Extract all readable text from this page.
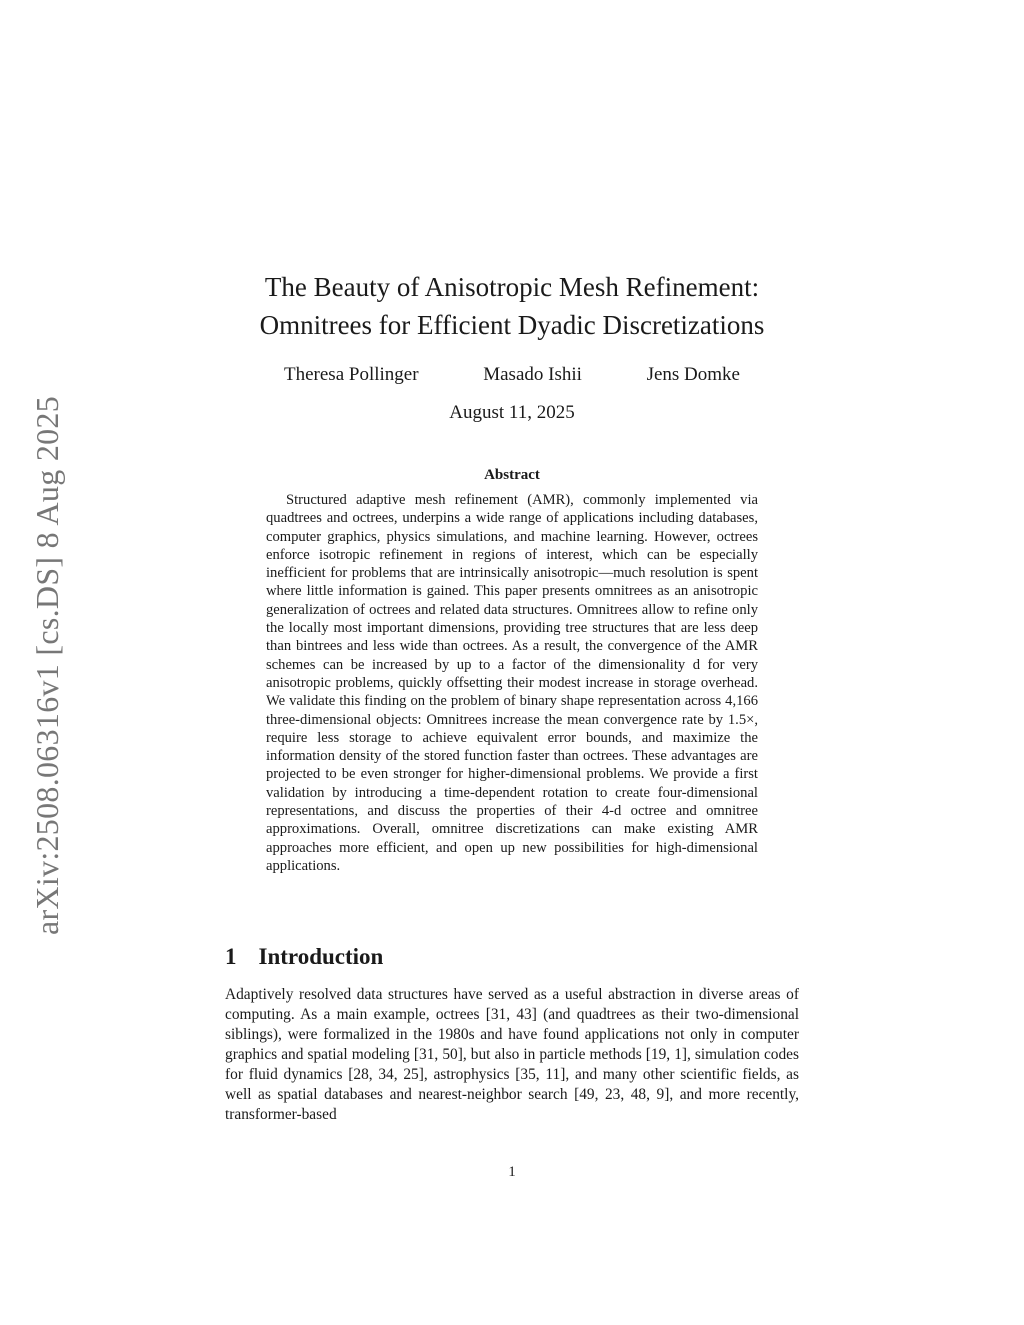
arXiv:2508.06316v1 [cs.DS] 8 Aug 2025
The Beauty of Anisotropic Mesh Refinement:
Omnitrees for Efficient Dyadic Discretizations
Theresa Pollinger	Masado Ishii	Jens Domke
August 11, 2025
Abstract

Structured adaptive mesh refinement (AMR), commonly implemented via quadtrees and octrees, underpins a wide range of applications including databases, computer graphics, physics simulations, and machine learning. However, octrees enforce isotropic refinement in regions of interest, which can be especially inefficient for problems that are intrinsically anisotropic—much resolution is spent where little information is gained. This paper presents omnitrees as an anisotropic generalization of octrees and related data structures. Omnitrees allow to refine only the locally most important dimensions, providing tree structures that are less deep than bintrees and less wide than octrees. As a result, the convergence of the AMR schemes can be increased by up to a factor of the dimensionality d for very anisotropic problems, quickly offsetting their modest increase in storage overhead. We validate this finding on the problem of binary shape representation across 4,166 three-dimensional objects: Omnitrees increase the mean convergence rate by 1.5×, require less storage to achieve equivalent error bounds, and maximize the information density of the stored function faster than octrees. These advantages are projected to be even stronger for higher-dimensional problems. We provide a first validation by introducing a time-dependent rotation to create four-dimensional representations, and discuss the properties of their 4-d octree and omnitree approximations. Overall, omnitree discretizations can make existing AMR approaches more efficient, and open up new possibilities for high-dimensional applications.

1 Introduction

Adaptively resolved data structures have served as a useful abstraction in diverse areas of computing. As a main example, octrees [31, 43] (and quadtrees as their two-dimensional siblings), were formalized in the 1980s and have found applications not only in computer graphics and spatial modeling [31, 50], but also in particle methods [19, 1], simulation codes for fluid dynamics [28, 34, 25], astrophysics [35, 11], and many other scientific fields, as well as spatial databases and nearest-neighbor search [49, 23, 48, 9], and more recently, transformer-based

1
